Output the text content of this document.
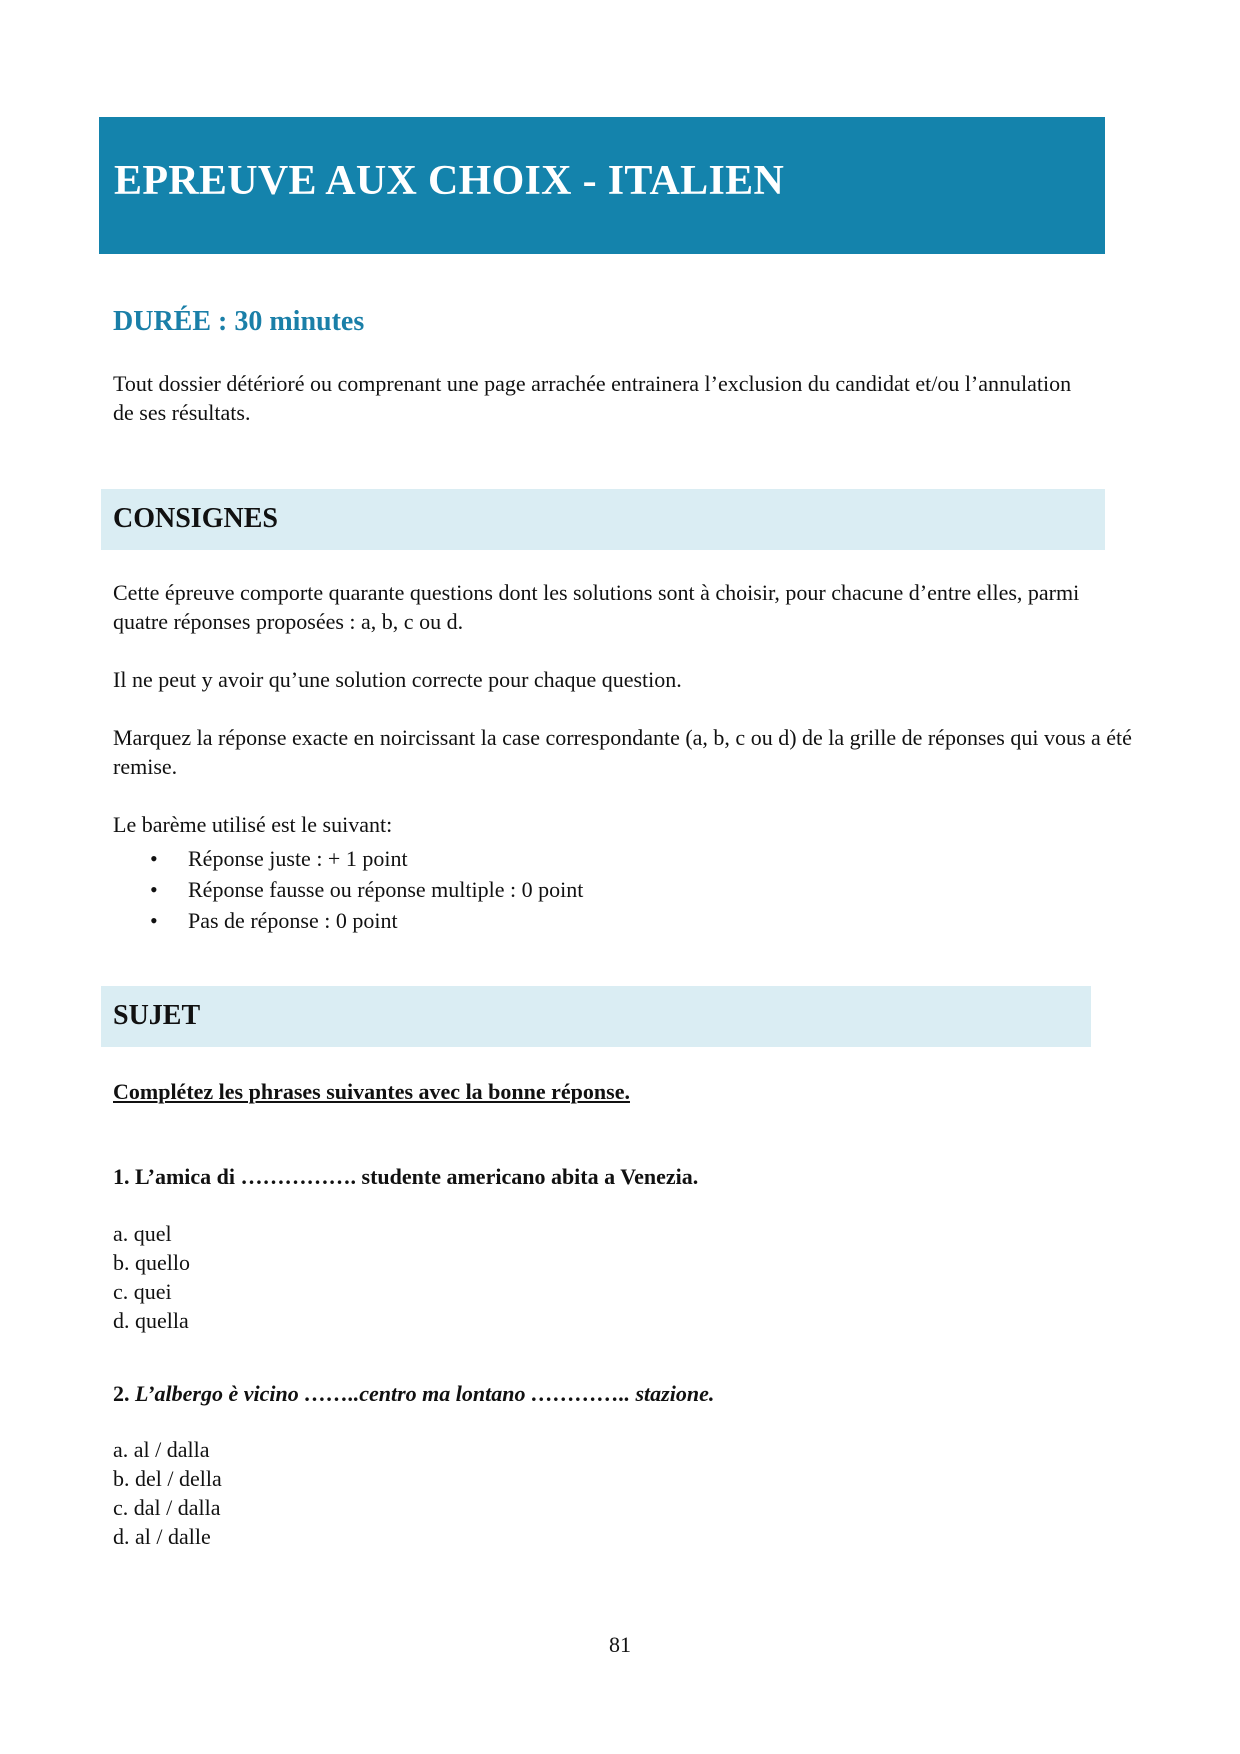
EPREUVE AUX CHOIX - ITALIEN
DURÉE : 30 minutes

Tout dossier détérioré ou comprenant une page arrachée entrainera l’exclusion du candidat et/ou l’annulation de ses résultats.

CONSIGNES

Cette épreuve comporte quarante questions dont les solutions sont à choisir, pour chacune d’entre elles, parmi quatre réponses proposées : a, b, c ou d.

Il ne peut y avoir qu’une solution correcte pour chaque question.

Marquez la réponse exacte en noircissant la case correspondante (a, b, c ou d) de la grille de réponses qui vous a été remise.

Le barème utilisé est le suivant:

• Réponse juste : + 1 point
• Réponse fausse ou réponse multiple : 0 point
• Pas de réponse : 0 point
SUJET
Complétez les phrases suivantes avec la bonne réponse.
1. L’amica di ……………. studente americano abita a Venezia.
a. quel
b. quello
c. quei
d. quella
2. L’albergo è vicino ……..centro ma lontano ………….. stazione.
a. al / dalla
b. del / della
c. dal / dalla
d. al / dalle
81
